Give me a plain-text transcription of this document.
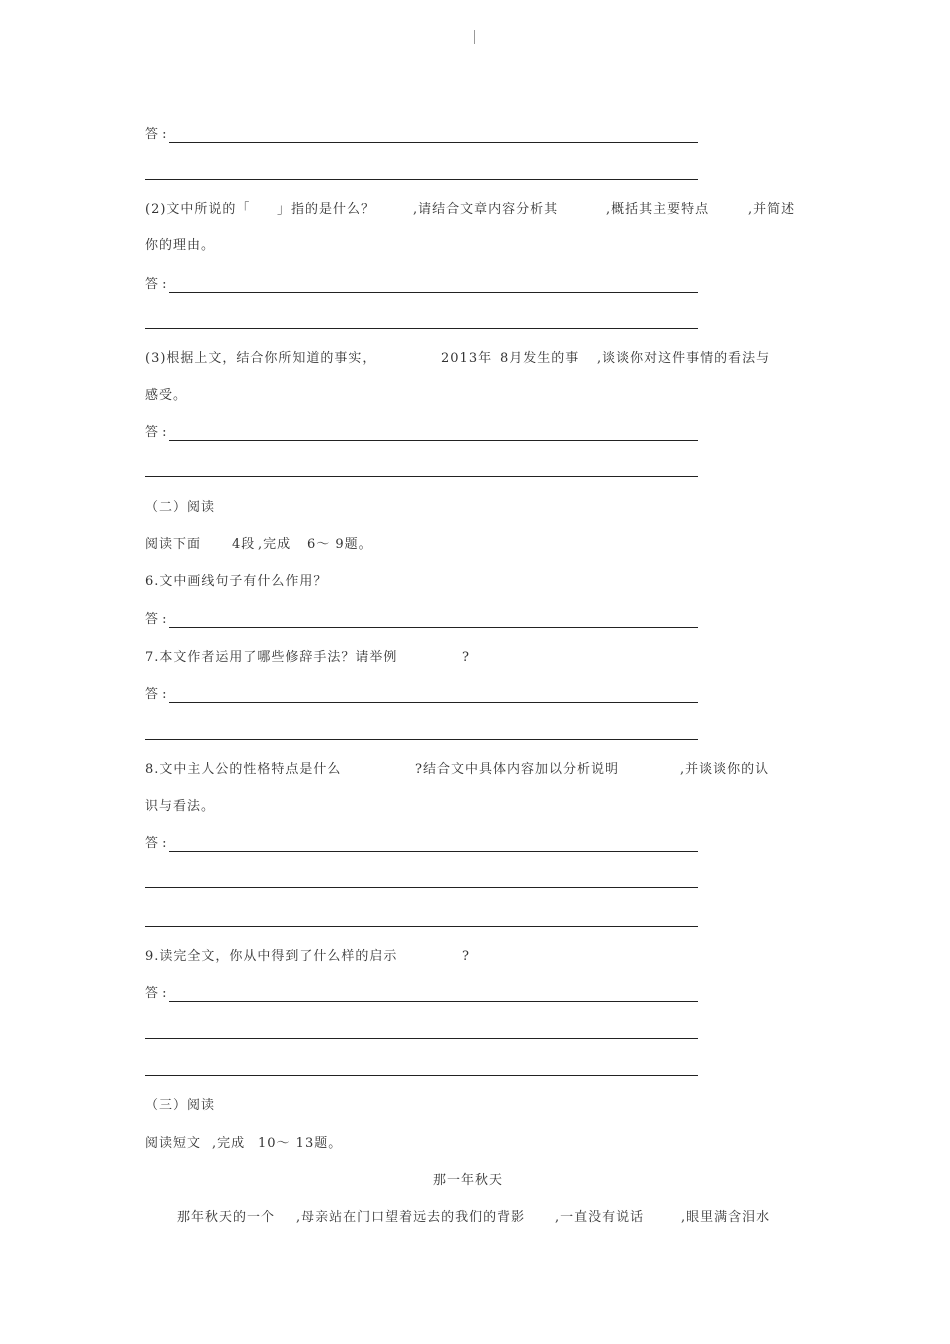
答 :
(2)文中所说的「 」指的是什么？	,请结合文章内容分析其	,概括其主要特点	,并简述
你的理由。
答 :
(3)根据上文，结合你所知道的事实，	2013年 8月发生的事 ,谈谈你对这件事情的看法与
感受。
答 :
（二）阅读
阅读下面 4段 ,完成 6～ 9题。
6.文中画线句子有什么作用？
答 :
7.本文作者运用了哪些修辞手法？请举例	?
答 :
8.文中主人公的性格特点是什么	?结合文中具体内容加以分析说明	,并谈谈你的认
识与看法。
答 :
9.读完全文，你从中得到了什么样的启示	?
答 :
（三）阅读
阅读短文 ,完成 10～ 13题。
那一年秋天
那年秋天的一个 ,母亲站在门口望着远去的我们的背影 ,一直没有说话	,眼里满含泪水
